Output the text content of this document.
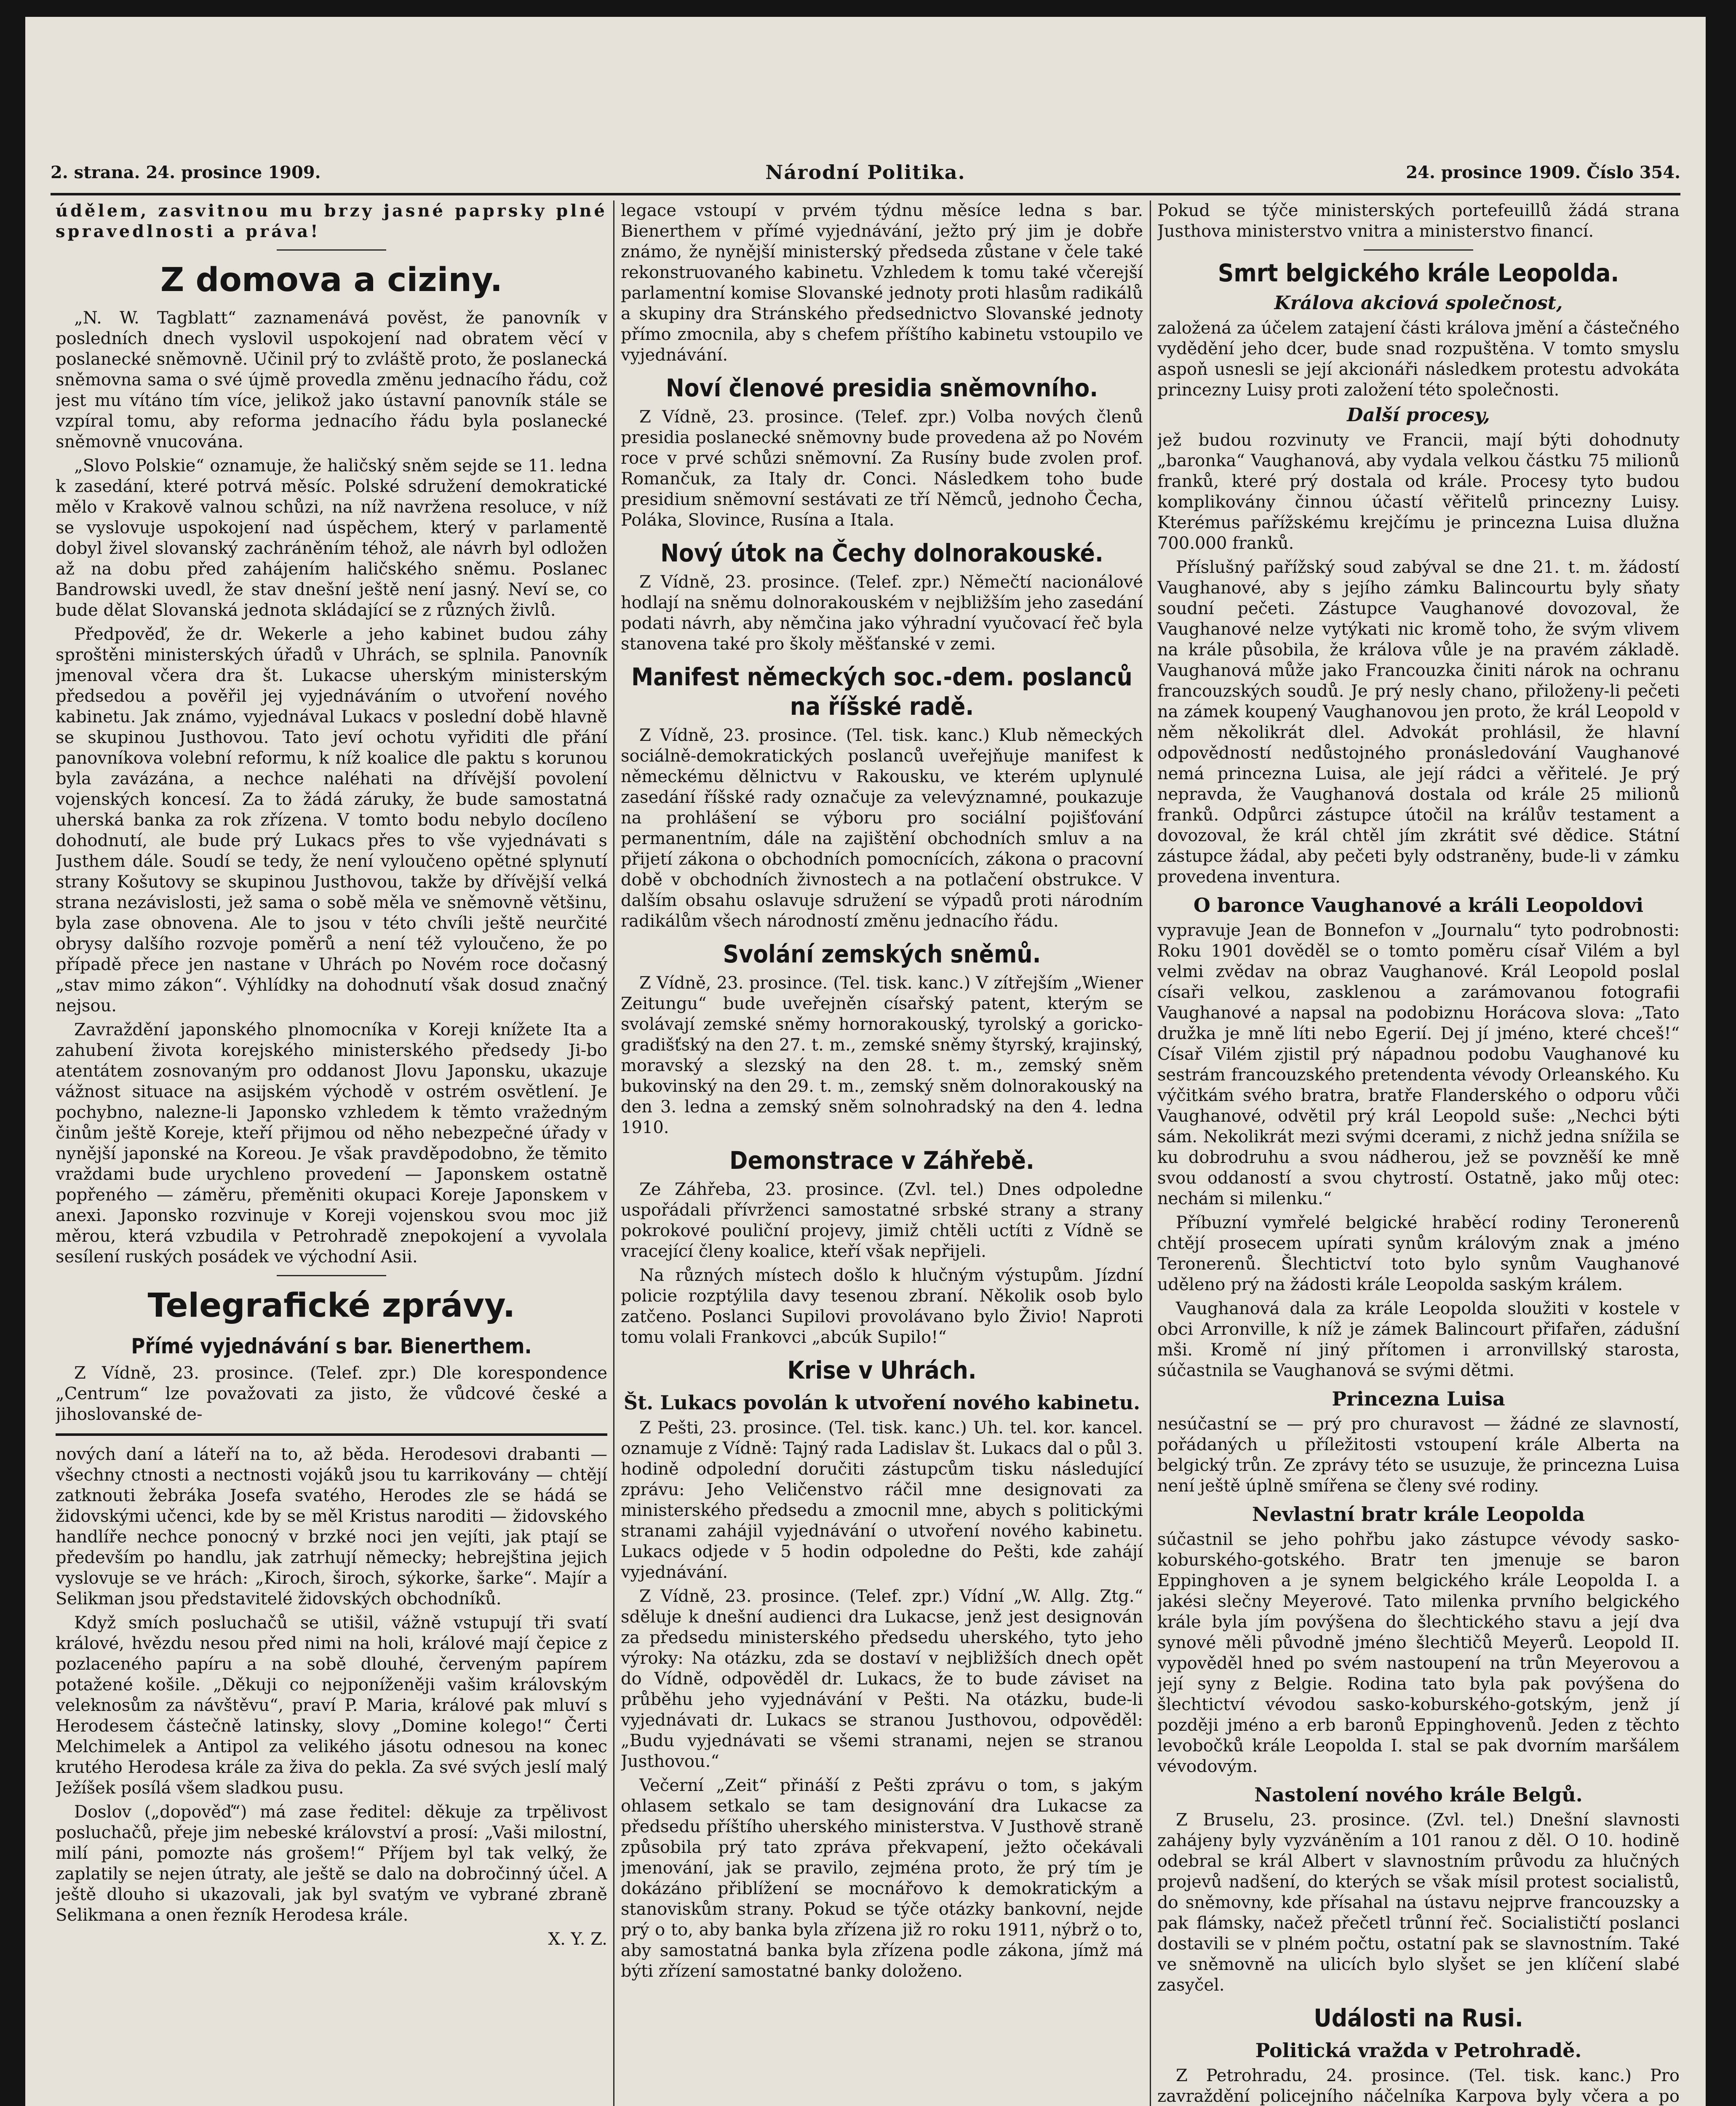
2. strana. 24. prosince 1909.	Národní Politika.	24. prosince 1909. Číslo 354.

údělem, zasvitnou mu brzy jasné paprsky plné spravedlnosti a práva!

Z domova a ciziny.

„N. W. Tagblatt“ zaznamenává pověst, že panovník v posledních dnech vyslovil uspokojení nad obratem věcí v poslanecké sněmovně. Učinil prý to zvláště proto, že poslanecká sněmovna sama o své újmě provedla změnu jednacího řádu, což jest mu vítáno tím více, jelikož jako ústavní panovník stále se vzpíral tomu, aby reforma jednacího řádu byla poslanecké sněmovně vnucována.

„Slovo Polskie“ oznamuje, že haličský sněm sejde se 11. ledna k zasedání, které potrvá měsíc. Polské sdružení demokratické mělo v Krakově valnou schůzi, na níž navržena resoluce, v níž se vyslovuje uspokojení nad úspěchem, který v parlamentě dobyl živel slovanský zachráněním téhož, ale návrh byl odložen až na dobu před zahájením haličského sněmu. Poslanec Bandrowski uvedl, že stav dnešní ještě není jasný. Neví se, co bude dělat Slovanská jednota skládající se z různých živlů.

Předpověď, že dr. Wekerle a jeho kabinet budou záhy sproštěni ministerských úřadů v Uhrách, se splnila. Panovník jmenoval včera dra št. Lukacse uherským ministerským předsedou a pověřil jej vyjednáváním o utvoření nového kabinetu. Jak známo, vyjednával Lukacs v poslední době hlavně se skupinou Justhovou. Tato jeví ochotu vyřiditi dle přání panovníkova volební reformu, k níž koalice dle paktu s korunou byla zavázána, a nechce naléhati na dřívější povolení vojenských koncesí. Za to žádá záruky, že bude samostatná uherská banka za rok zřízena. V tomto bodu nebylo docíleno dohodnutí, ale bude prý Lukacs přes to vše vyjednávati s Justhem dále. Soudí se tedy, že není vyloučeno opětné splynutí strany Košutovy se skupinou Justhovou, takže by dřívější velká strana nezávislosti, jež sama o sobě měla ve sněmovně většinu, byla zase obnovena. Ale to jsou v této chvíli ještě neurčité obrysy dalšího rozvoje poměrů a není též vyloučeno, že po případě přece jen nastane v Uhrách po Novém roce dočasný „stav mimo zákon“. Výhlídky na dohodnutí však dosud značný nejsou.

Zavraždění japonského plnomocníka v Koreji knížete Ita a zahubení života korejského ministerského předsedy Ji-bo atentátem zosnovaným pro oddanost Jlovu Japonsku, ukazuje vážnost situace na asijském východě v ostrém osvětlení. Je pochybno, nalezne-li Japonsko vzhledem k těmto vražedným činům ještě Koreje, kteří přijmou od něho nebezpečné úřady v nynější japonské na Koreou. Je však pravděpodobno, že těmito vraždami bude urychleno provedení — Japonskem ostatně popřeného — záměru, přeměniti okupaci Koreje Japonskem v anexi. Japonsko rozvinuje v Koreji vojenskou svou moc již měrou, která vzbudila v Petrohradě znepokojení a vyvolala sesílení ruských posádek ve východní Asii.

Telegrafické zprávy.
Přímé vyjednávání s bar. Bienerthem.

Z Vídně, 23. prosince. (Telef. zpr.) Dle korespondence „Centrum“ lze považovati za jisto, že vůdcové české a jihoslovanské de-

nových daní a láteří na to, až běda. Herodesovi drabanti — všechny ctnosti a nectnosti vojáků jsou tu karrikovány — chtějí zatknouti žebráka Josefa svatého, Herodes zle se hádá se židovskými učenci, kde by se měl Kristus naroditi — židovského handlíře nechce ponocný v brzké noci jen vejíti, jak ptají se především po handlu, jak zatrhují německy; hebrejština jejich vyslovuje se ve hrách: „Kiroch, široch, sýkorke, šarke“. Majír a Selikman jsou představitelé židovských obchodníků.

Když smích posluchačů se utišil, vážně vstupují tři svatí králové, hvězdu nesou před nimi na holi, králové mají čepice z pozlaceného papíru a na sobě dlouhé, červeným papírem potažené košile. „Děkuji co nejponíženěji vašim královským veleknosům za návštěvu“, praví P. Maria, králové pak mluví s Herodesem částečně latinsky, slovy „Domine kolego!“ Čerti Melchimelek a Antipol za velikého jásotu odnesou na konec krutého Herodesa krále za živa do pekla. Za své svých jeslí malý Ježíšek posílá všem sladkou pusu.

Doslov („dopověď“) má zase ředitel: děkuje za trpělivost posluchačů, přeje jim nebeské království a prosí: „Vaši milostní, milí páni, pomozte nás grošem!“ Příjem byl tak velký, že zaplatily se nejen útraty, ale ještě se dalo na dobročinný účel. A ještě dlouho si ukazovali, jak byl svatým ve vybrané zbraně Selikmana a onen řezník Herodesa krále.

X. Y. Z.

legace vstoupí v prvém týdnu měsíce ledna s bar. Bienerthem v přímé vyjednávání, ježto prý jim je dobře známo, že nynější ministerský předseda zůstane v čele také rekonstruovaného kabinetu. Vzhledem k tomu také včerejší parlamentní komise Slovanské jednoty proti hlasům radikálů a skupiny dra Stránského předsednictvo Slovanské jednoty přímo zmocnila, aby s chefem příštího kabinetu vstoupilo ve vyjednávání.

Noví členové presidia sněmovního.

Z Vídně, 23. prosince. (Telef. zpr.) Volba nových členů presidia poslanecké sněmovny bude provedena až po Novém roce v prvé schůzi sněmovní. Za Rusíny bude zvolen prof. Romančuk, za Italy dr. Conci. Následkem toho bude presidium sněmovní sestávati ze tří Němců, jednoho Čecha, Poláka, Slovince, Rusína a Itala.

Nový útok na Čechy dolnorakouské.

Z Vídně, 23. prosince. (Telef. zpr.) Němečtí nacionálové hodlají na sněmu dolnorakouském v nejbližším jeho zasedání podati návrh, aby němčina jako výhradní vyučovací řeč byla stanovena také pro školy měšťanské v zemi.

Manifest německých soc.-dem. poslanců na říšské radě.

Z Vídně, 23. prosince. (Tel. tisk. kanc.) Klub německých sociálně-demokratických poslanců uveřejňuje manifest k německému dělnictvu v Rakousku, ve kterém uplynulé zasedání říšské rady označuje za velevýznamné, poukazuje na prohlášení se výboru pro sociální pojišťování permanentním, dále na zajištění obchodních smluv a na přijetí zákona o obchodních pomocnících, zákona o pracovní době v obchodních živnostech a na potlačení obstrukce. V dalším obsahu oslavuje sdružení se výpadů proti národním radikálům všech národností změnu jednacího řádu.

Svolání zemských sněmů.

Z Vídně, 23. prosince. (Tel. tisk. kanc.) V zítřejším „Wiener Zeitungu“ bude uveřejněn císařský patent, kterým se svolávají zemské sněmy hornorakouský, tyrolský a goricko-gradišťský na den 27. t. m., zemské sněmy štyrský, krajinský, moravský a slezský na den 28. t. m., zemský sněm bukovinský na den 29. t. m., zemský sněm dolnorakouský na den 3. ledna a zemský sněm solnohradský na den 4. ledna 1910.

Demonstrace v Záhřebě.

Ze Záhřeba, 23. prosince. (Zvl. tel.) Dnes odpoledne uspořádali přívrženci samostatné srbské strany a strany pokrokové pouliční projevy, jimiž chtěli uctíti z Vídně se vracející členy koalice, kteří však nepřijeli.

Na různých místech došlo k hlučným výstupům. Jízdní policie rozptýlila davy tesenou zbraní. Několik osob bylo zatčeno. Poslanci Supilovi provolávano bylo Živio! Naproti tomu volali Frankovci „abcúk Supilo!“

Krise v Uhrách.
Št. Lukacs povolán k utvoření nového kabinetu.

Z Pešti, 23. prosince. (Tel. tisk. kanc.) Uh. tel. kor. kancel. oznamuje z Vídně: Tajný rada Ladislav št. Lukacs dal o půl 3. hodině odpolední doručiti zástupcům tisku následující zprávu: Jeho Veličenstvo ráčil mne designovati za ministerského předsedu a zmocnil mne, abych s politickými stranami zahájil vyjednávání o utvoření nového kabinetu. Lukacs odjede v 5 hodin odpoledne do Pešti, kde zahájí vyjednávání.

Z Vídně, 23. prosince. (Telef. zpr.) Vídní „W. Allg. Ztg.“ sděluje k dnešní audienci dra Lukacse, jenž jest designován za předsedu ministerského předsedu uherského, tyto jeho výroky: Na otázku, zda se dostaví v nejbližších dnech opět do Vídně, odpověděl dr. Lukacs, že to bude záviset na průběhu jeho vyjednávání v Pešti. Na otázku, bude-li vyjednávati dr. Lukacs se stranou Justhovou, odpověděl: „Budu vyjednávati se všemi stranami, nejen se stranou Justhovou.“

Večerní „Zeit“ přináší z Pešti zprávu o tom, s jakým ohlasem setkalo se tam designování dra Lukacse za předsedu příštího uherského ministerstva. V Justhově straně způsobila prý tato zpráva překvapení, ježto očekávali jmenování, jak se pravilo, zejména proto, že prý tím je dokázáno přiblížení se mocnářovo k demokratickým a stanoviskům strany. Pokud se týče otázky bankovní, nejde prý o to, aby banka byla zřízena již ro roku 1911, nýbrž o to, aby samostatná banka byla zřízena podle zákona, jímž má býti zřízení samostatné banky doloženo.

Pokud se týče ministerských portefeuillů žádá strana Justhova ministerstvo vnitra a ministerstvo financí.

Smrt belgického krále Leopolda.
Králova akciová společnost,

založená za účelem zatajení části králova jmění a částečného vydědění jeho dcer, bude snad rozpuštěna. V tomto smyslu aspoň usnesli se její akcionáři následkem protestu advokáta princezny Luisy proti založení této společnosti.

Další procesy,

jež budou rozvinuty ve Francii, mají býti dohodnuty „baronka“ Vaughanová, aby vydala velkou částku 75 milionů franků, které prý dostala od krále. Procesy tyto budou komplikovány činnou účastí věřitelů princezny Luisy. Kterémus pařížskému krejčímu je princezna Luisa dlužna 700.000 franků.

Příslušný pařížský soud zabýval se dne 21. t. m. žádostí Vaughanové, aby s jejího zámku Balincourtu byly sňaty soudní pečeti. Zástupce Vaughanové dovozoval, že Vaughanové nelze vytýkati nic kromě toho, že svým vlivem na krále působila, že králova vůle je na pravém základě. Vaughanová může jako Francouzka činiti nárok na ochranu francouzských soudů. Je prý nesly chano, přiloženy-li pečeti na zámek koupený Vaughanovou jen proto, že král Leopold v něm několikrát dlel. Advokát prohlásil, že hlavní odpovědností nedůstojného pronásledování Vaughanové nemá princezna Luisa, ale její rádci a věřitelé. Je prý nepravda, že Vaughanová dostala od krále 25 milionů franků. Odpůrci zástupce útočil na králův testament a dovozoval, že král chtěl jím zkrátit své dědice. Státní zástupce žádal, aby pečeti byly odstraněny, bude-li v zámku provedena inventura.

O baronce Vaughanové a králi Leopoldovi

vypravuje Jean de Bonnefon v „Journalu“ tyto podrobnosti: Roku 1901 dověděl se o tomto poměru císař Vilém a byl velmi zvědav na obraz Vaughanové. Král Leopold poslal císaři velkou, zasklenou a zarámovanou fotografii Vaughanové a napsal na podobiznu Horácova slova: „Tato družka je mně líti nebo Egerií. Dej jí jméno, které chceš!“ Císař Vilém zjistil prý nápadnou podobu Vaughanové ku sestrám francouzského pretendenta vévody Orleanského. Ku výčitkám svého bratra, bratře Flanderského o odporu vůči Vaughanové, odvětil prý král Leopold suše: „Nechci býti sám. Nekolikrát mezi svými dcerami, z nichž jedna snížila se ku dobrodruhu a svou nádherou, jež se povzněší ke mně svou oddaností a svou chytrostí. Ostatně, jako můj otec: nechám si milenku.“

Příbuzní vymřelé belgické hraběcí rodiny Teronerenů chtějí prosecem upírati synům královým znak a jméno Teronerenů. Šlechtictví toto bylo synům Vaughanové uděleno prý na žádosti krále Leopolda saským králem.

Vaughanová dala za krále Leopolda sloužiti v kostele v obci Arronville, k níž je zámek Balincourt přifařen, zádušní mši. Kromě ní jiný přítomen i arronvillský starosta, súčastnila se Vaughanová se svými dětmi.

Princezna Luisa

nesúčastní se — prý pro churavost — žádné ze slavností, pořádaných u příležitosti vstoupení krále Alberta na belgický trůn. Ze zprávy této se usuzuje, že princezna Luisa není ještě úplně smířena se členy své rodiny.

Nevlastní bratr krále Leopolda

súčastnil se jeho pohřbu jako zástupce vévody sasko-koburského-gotského. Bratr ten jmenuje se baron Eppinghoven a je synem belgického krále Leopolda I. a jakési slečny Meyerové. Tato milenka prvního belgického krále byla jím povýšena do šlechtického stavu a její dva synové měli původně jméno šlechtičů Meyerů. Leopold II. vypověděl hned po svém nastoupení na trůn Meyerovou a její syny z Belgie. Rodina tato byla pak povýšena do šlechtictví vévodou sasko-koburského-gotským, jenž jí později jméno a erb baronů Eppinghovenů. Jeden z těchto levobočků krále Leopolda I. stal se pak dvorním maršálem vévodovým.

Nastolení nového krále Belgů.

Z Bruselu, 23. prosince. (Zvl. tel.) Dnešní slavnosti zahájeny byly vyzváněním a 101 ranou z děl. O 10. hodině odebral se král Albert v slavnostním průvodu za hlučných projevů nadšení, do kterých se však mísil protest socialistů, do sněmovny, kde přísahal na ústavu nejprve francouzsky a pak flámsky, načež přečetl trůnní řeč. Socialističtí poslanci dostavili se v plném počtu, ostatní pak se slavnostním. Také ve sněmovně na ulicích bylo slyšet se jen klíčení slabé zasyčel.

Události na Rusi.
Politická vražda v Petrohradě.

Z Petrohradu, 24. prosince. (Tel. tisk. kanc.) Pro zavraždění policejního náčelníka Karpova byly včera a po
